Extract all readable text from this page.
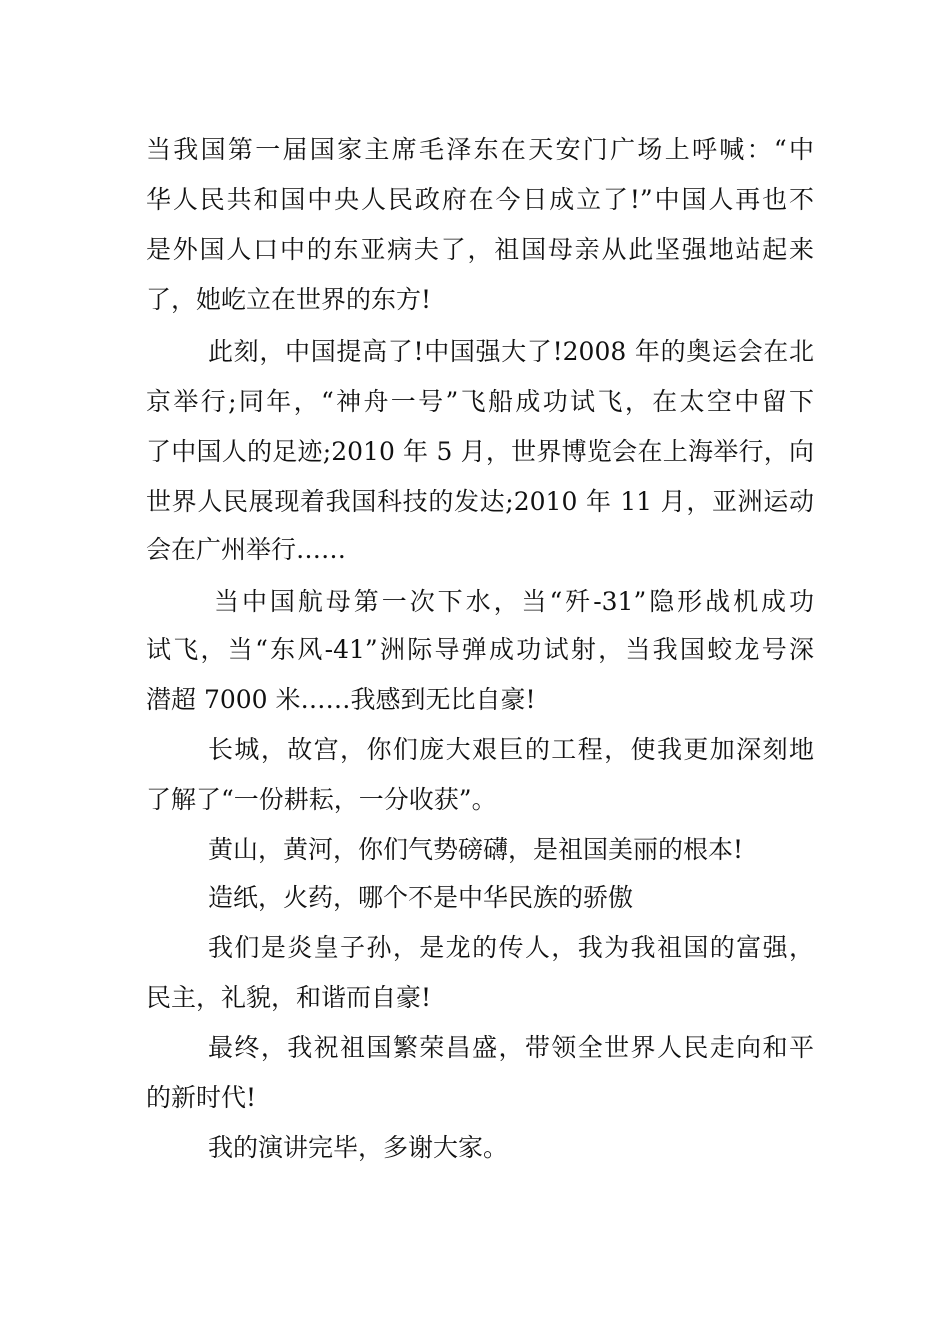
当我国第一届国家主席毛泽东在天安门广场上呼喊：“中
华人民共和国中央人民政府在今日成立了!”中国人再也不
是外国人口中的东亚病夫了，祖国母亲从此坚强地站起来
了，她屹立在世界的东方!
此刻，中国提高了!中国强大了!2008 年的奥运会在北
京举行;同年，“神舟一号”飞船成功试飞，在太空中留下
了中国人的足迹;2010 年 5 月，世界博览会在上海举行，向
世界人民展现着我国科技的发达;2010 年 11 月，亚洲运动
会在广州举行……
当中国航母第一次下水，当“歼-31”隐形战机成功
试飞，当“东风-41”洲际导弹成功试射，当我国蛟龙号深
潜超 7000 米……我感到无比自豪!
长城，故宫，你们庞大艰巨的工程，使我更加深刻地
了解了“一份耕耘，一分收获”。
黄山，黄河，你们气势磅礴，是祖国美丽的根本!
造纸，火药，哪个不是中华民族的骄傲
我们是炎皇子孙，是龙的传人，我为我祖国的富强，
民主，礼貌，和谐而自豪!
最终，我祝祖国繁荣昌盛，带领全世界人民走向和平
的新时代!
我的演讲完毕，多谢大家。
